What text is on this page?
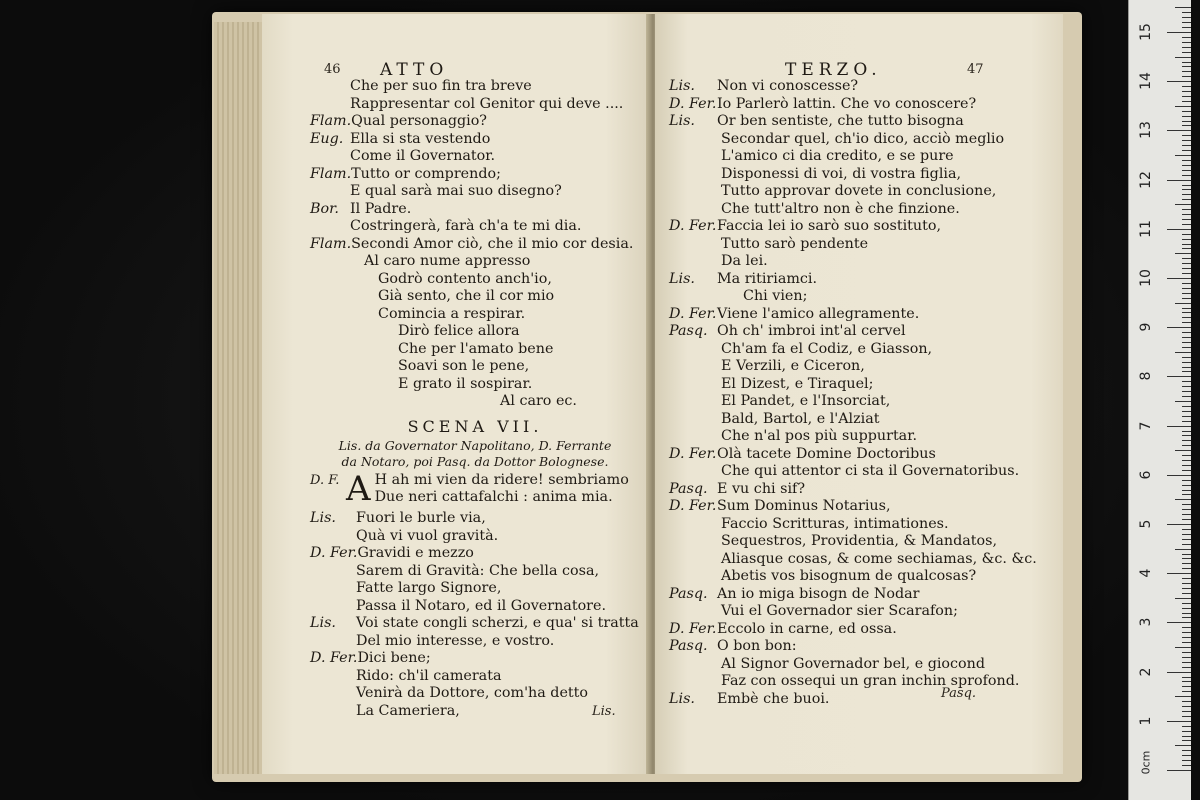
46 ATTO
Che per suo fin tra breve
Rappresentar col Genitor qui deve ....
Flam.Qual personaggio?
Eug. Ella si sta vestendo
Come il Governator.
Flam.Tutto or comprendo;
E qual sarà mai suo disegno?
Bor. Il Padre.
Costringerà, farà ch'a te mi dia.
Flam.Secondi Amor ciò, che il mio cor desia.
Al caro nume appresso
Godrò contento anch'io,
Già sento, che il cor mio
Comincia a respirar.
Dirò felice allora
Che per l'amato bene
Soavi son le pene,
E grato il sospirar.
Al caro ec.
SCENA VII.
Lis. da Governator Napolitano, D. Ferrante
da Notaro, poi Pasq. da Dottor Bolognese.
D. F. A H ah mi vien da ridere! sembriamo
Due neri cattafalchi : anima mia.
Lis. Fuori le burle via,
Quà vi vuol gravità.
D. Fer.Gravidi e mezzo
Sarem di Gravità: Che bella cosa,
Fatte largo Signore,
Passa il Notaro, ed il Governatore.
Lis. Voi state congli scherzi, e qua' si tratta
Del mio interesse, e vostro.
D. Fer.Dici bene;
Rido: ch'il camerata
Venirà da Dottore, com'ha detto
La Cameriera,	Lis.
TERZO.	47
Lis. Non vi conoscesse?
D. Fer.Io Parlerò lattin. Che vo conoscere?
Lis. Or ben sentiste, che tutto bisogna
Secondar quel, ch'io dico, acciò meglio
L'amico ci dia credito, e se pure
Disponessi di voi, di vostra figlia,
Tutto approvar dovete in conclusione,
Che tutt'altro non è che finzione.
D. Fer.Faccia lei io sarò suo sostituto,
Tutto sarò pendente
Da lei.
Lis. Ma ritiriamci.
Chi vien;
D. Fer.Viene l'amico allegramente.
Pasq. Oh ch' imbroi int'al cervel
Ch'am fa el Codiz, e Giasson,
E Verzili, e Ciceron,
El Dizest, e Tiraquel;
El Pandet, e l'Insorciat,
Bald, Bartol, e l'Alziat
Che n'al pos più suppurtar.
D. Fer.Olà tacete Domine Doctoribus
Che qui attentor ci sta il Governatoribus.
Pasq. E vu chi sif?
D. Fer.Sum Dominus Notarius,
Faccio Scritturas, intimationes.
Sequestros, Providentia, & Mandatos,
Aliasque cosas, & come sechiamas, &c. &c.
Abetis vos bisognum de qualcosas?
Pasq. An io miga bisogn de Nodar
Vui el Governador sier Scarafon;
D. Fer.Eccolo in carne, ed ossa.
Pasq. O bon bon:
Al Signor Governador bel, e giocond
Faz con ossequi un gran inchin sprofond.
Lis. Embè che buoi.	Pasq.
0cm
1
2
3
4
5
6
7
8
9
10
11
12
13
14
15
